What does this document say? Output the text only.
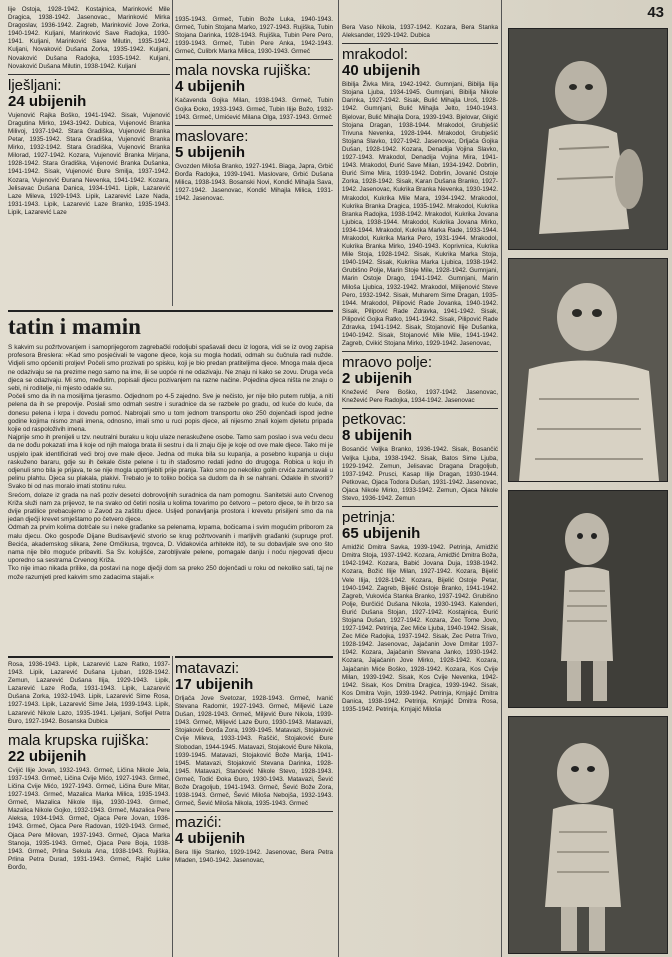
43

lije Ostoja, 1928-1942. Kostajnica, Marinković Mile Dragica, 1938-1942. Jasenovac., Marinković Mirka Dragoslav, 1936-1942. Zagreb, Marinković Jove Zorka, 1940-1942. Kuljani, Marinković Save Radojka, 1930-1941. Kuljani, Marinković Save Milutin, 1935-1942. Kuljani, Novaković Dušana Zorka, 1935-1942. Kuljani, Novaković Dušana Radojka, 1935-1942. Kuljani, Novaković Dušana Milutin, 1938-1942. Kuljani

lješljani:
24 ubijenih

Vujenović Rajka Boško, 1941-1942. Sisak, Vujenović Dragutina Mirko, 1943-1942. Dubica, Vujenović Branka Milivoj, 1937-1942. Stara Gradiška, Vujenović Branka Petar, 1935-1942. Stara Gradiška, Vujenović Branka Mirko, 1932-1942. Stara Gradiška, Vujenović Branka Milorad, 1927-1942. Kozara, Vujenović Branka Mirjana, 1928-1942. Stara Gradiška, Vujenović Branka Dušanka, 1941-1942. Sisak, Vujenović Đure Smilja, 1937-1942. Kozara, Vujenović Đurana Nevenka, 1941-1942. Kozara, Jelisavac Dušana Danica, 1934-1941. Lipik, Lazarević Laze Mileva, 1929-1943. Lipik, Lazarević Laze Nada, 1931-1943. Lipik, Lazarević Laze Branko, 1935-1943. Lipik, Lazarević Laze

1935-1943. Grmeč, Tubin Bože Luka, 1940-1943. Grmeč, Tubin Stojana Marko, 1927-1943. Rujiška, Tubin Stojana Darinka, 1928-1943. Rujiška, Tubin Pere Pero, 1939-1943. Grmeč, Tubin Pere Anka, 1942-1943. Grmeč, Culibrk Marka Milica, 1930-1943. Grmeč

mala novska rujiška:
4 ubijenih

Kačavenda Gojka Milan, 1938-1943. Grmeč, Tubin Gojka Đoko, 1933-1943. Grmeč, Tubin Ilije Božo, 1932-1943. Grmeč, Umićević Milana Olga, 1937-1943. Grmeč

maslovare:
5 ubijenih

Gvozden Miloša Branko, 1927-1941. Biaga, Japra, Grbić Đorđa Radojka, 1939-1941. Maslovare, Grbić Dušana Milica, 1938-1943. Bosanski Novi, Kondić Mihajla Sava, 1927-1942. Jasenovac, Kondić Mihajla Milica, 1931-1942. Jasenovac.

tatin i mamin

S kakvim su požrtvovanjem i samoprijegorom zagrebački rodoljubi spašavali decu iz logora, vidi se iz ovog zapisa profesora Breslera: »Kad smo posjećivali te vagone djece, koja su mogla hodati, odmah su čučnula radi nužde. Vidjeli smo općeniti proljev! Počeli smo prozivati po spisku, koji je bio predan pratiteljima djece. Mnoga mala djeca ne odazivaju se na prezime nego samo na ime, ili se uopće ni ne odazivaju. Ne znaju ni kako se zovu. Druga veća djeca se odazivaju. Mi smo, međutim, popisali djecu pozivanjem na razne načine. Pojedina djeca ništa ne znaju o sebi, ni roditelje, ni mjesto odakle su.

Počeli smo da ih na mosiljima tjerasmo. Odjednom po 4-5 zajedno. Sve je nečisto, jer nije bilo putem rublja, a niti pelena da ih se prepovije. Poslali smo odmah sestre i suradnice da se razbele po gradu, od kuće do kuće, da donesu pelena i krpa i dovedu pomoć. Nabrojali smo u tom jednom transportu oko 250 dojenčadi ispod jedne godine kojima nismo znali imena, odnosno, imali smo u ruci popis djece, ali nijesmo znali kojem djetetu pripada kojie od raspoloživih imena.

Najprije smo ih prenijeli u tzv. neutralni buraku u koju ulaze neraskužene osobe. Tamo sam poslao i sva veću decu da ne dođu pokazati ima li koje od njih maloga brata ili sestru i da li znaju čije je koje od ove male djece. Tako mi je uspjelo ipak identificirati veći broj ove male djece. Jedna od muka bila su kupanja, a posebno kupanja u ciuju raskuženo bararu, gdje su ih čekale čiste pelene i tu ih stađosmo redati jedno do drugoga. Robica u koju ih odjenuli smo bila je prijava, te se nije mogla upotrijebiti prije pranja. Tako smo po nekoliko golih crvića zamotavali u pelinu plahtu. Djeca su plakala, plakivi. Trebalo je to toliko bočica sa dudom da ih se nahrani. Odakle ih stvoriti? Svako bi od nas moralo imati stotinu ruku.

Srećom, dolaze iz grada na naš poziv desetci dobrovoljnih suradnica da nam pomognu. Sanitetski auto Crvenog Križa služi nam za prijevoz, te na svako od četiri nosila u kolima tovarimo po četvoro – petoro djece, te ih brzo sa dvije pratilice prebacujemo u Zavod za zaštitu djece. Usljed ponavljanja prostora i krevetu prisiljeni smo da na jedan dječji krevet smještamo po četvero djece.

Odmah za prvim kolima dotrčale su i neke građanke sa pelenama, krpama, bočicama i svim mogućim priborom za malu djecu. Oko gospođe Dijane Budisavljević stvorio se krug požrtvovanih i marljivih građanki (supruge prof. Becića, akademskog slikara, žene Omčikusa, trgovca, D. Vidakovića arhitekte itd), te su dobavljale sve ono što nama nije bilo moguće pribaviti. Sa Sv. kolujišće, zarobljivale pelene, pomagale danju i noću njegovati djecu uporedno sa sestrama Crvenog Križa.

Tko nije imao nikada prilike, da postavi na noge dječji dom sa preko 250 dojenčadi u roku od nekoliko sati, taj ne može razumjeti pred kakvim smo zadacima stajali.«

Rosa, 1936-1943. Lipik, Lazarević Laze Ratko, 1937-1943. Lipik, Lazarević Dušana Ljuban, 1928-1942. Zemun, Lazarević Dušana Ilija, 1929-1943. Lipik, Lazarević Laze Rođa, 1931-1943. Lipik, Lazarević Dušana Zorka, 1932-1943. Lipik, Lazarević Sime Rosa, 1927-1943. Lipik, Lazarević Sime Jela, 1939-1943. Lipik, Lazarević Nikole Lazo, 1935-1941. Ljeljani, Sofijel Petra Đuro, 1927-1942. Bosanska Dubica

mala krupska rujiška:
22 ubijenih

Cvijić Ilije Jovan, 1932-1943. Grmeč, Ličina Nikole Jela, 1937-1943. Grmeč, Ličina Cvije Mićo, 1927-1943. Grmeč, Ličina Cvije Mićo, 1927-1943. Grmeč, Ličina Đure Mitar, 1927-1943. Grmeč, Mazalica Marka Milica, 1935-1943. Grmeč, Mazalica Nikole Ilija, 1930-1943. Grmeč, Mazalica Nikole Gojko, 1932-1943. Grmeč, Mazalica Pere Aleksa, 1934-1943. Grmeč, Ojaca Pere Jovan, 1936-1943. Grmeč, Ojaca Pere Radovan, 1929-1943. Grmeč, Ojaca Pere Milovan, 1937-1943. Grmeč, Ojaca Marka Stanoja, 1935-1943. Grmeč, Ojaca Pere Boja, 1938-1943. Grmeč, Prlina Sekula Ana, 1938-1943. Rujiška, Prlina Petra Durad, 1931-1943. Grmeč, Rajlić Luke Đorđo,

matavazi:
17 ubijenih

Drljača Jove Svetozar, 1928-1943. Grmeč, Ivanić Stevana Radomir, 1927-1943. Grmeč, Miljević Laze Dušan, 1928-1943. Grmeč, Miljević Đure Nikola, 1939-1943. Grmeč, Miljević Laze Đuro, 1930-1943. Matavazi, Stojaković Đorđa Zora, 1939-1945. Matavazi, Stojaković Cvije Mileva, 1933-1943. Raščić, Stojaković Đure Slobodan, 1944-1945. Matavazi, Stojaković Đure Nikola, 1939-1945. Matavazi, Stojaković Bože Marija, 1941-1945. Matavazi, Stojaković Stevana Darinka, 1928-1945. Matavazi, Stanćević Nikole Stevo, 1928-1943. Grmeč, Todić Đoka Đuro, 1930-1943. Matavazi, Šević Bože Dragoljub, 1941-1943. Grmeč, Šević Bože Zora, 1938-1943. Grmeč, Šević Miloša Nebojša, 1932-1943. Grmeč, Šević Miloša Nikola, 1935-1943. Grmeč

mazići:
4 ubijenih

Bera Ilije Stanko, 1929-1942. Jasenovac, Bera Petra Mladen, 1940-1942. Jasenovac,

Bera Vaso Nikola, 1937-1942. Kozara, Bera Stanka Aleksander, 1929-1942. Dubica

mrakodol:
40 ubijenih

Bibilja Živka Mira, 1942-1942. Gumnjani, Bibilja Ilija Stojana Ljuba, 1934-1945. Gumnjani, Bibilja Nikole Darinka, 1927-1942. Sisak, Bulić Mihajla Uroš, 1928-1942. Gumnjani, Bulić Mihajla Jelto, 1940-1943. Bjelovar, Bulić Mihajla Dora, 1939-1943. Bjelovar, Gligić Stojana Dragan, 1938-1944. Mrakodol, Grubješić Trivuna Nevenka, 1928-1944. Mrakodol, Grubješić Stojana Slavko, 1927-1942. Jasenovac, Drljača Gojka Dušan, 1928-1942. Kozara, Denadija Vojina Slavko, 1927-1943. Mrakodol, Denadija Vojina Mira, 1941-1943. Mrakodol, Đurić Save Milan, 1934-1942. Dobrlin, Đurić Sime Mira, 1939-1942. Dobrlin, Jovanić Ostoje Zorka, 1928-1942. Sisak, Karan Dušana Branko, 1927-1942. Jasenovac, Kukrika Branka Nevenka, 1930-1942. Mrakodol, Kukrika Mile Mara, 1934-1942. Mrakodol, Kukrika Branka Dragica, 1935-1942. Mrakodol, Kukrika Branka Radojka, 1938-1942. Mrakodol, Kukrika Jovana Ljubica, 1938-1944. Mrakodol, Kukrika Jovana Mirko, 1934-1944. Mrakodol, Kukrika Marka Rade, 1933-1944. Mrakodol, Kukrika Marka Pero, 1931-1944. Mrakodol, Kukrika Branka Mirko, 1940-1943. Koprivnica, Kukrika Mile Stoja, 1928-1942. Sisak, Kukrika Marka Stoja, 1940-1942. Sisak, Kukrika Marka Ljubica, 1938-1942. Grubišno Polje, Marin Stoje Mile, 1928-1942. Gumnjani, Marin Ostoje Drago, 1941-1942. Gumnjani, Marin Miloša Ljubica, 1932-1942. Mrakodol, Milijenović Steve Pero, 1932-1942. Sisak, Muharem Sime Dragan, 1935-1944. Mrakodol, Pilipović Rade Jovanka, 1940-1942. Sisak, Pilipović Rade Zdravka, 1941-1942. Sisak, Pilipović Gojka Ratko, 1941-1942. Sisak, Pilipović Rade Zdravka, 1941-1942. Sisak, Stojanović Ilije Dušanka, 1940-1942. Sisak, Stojanović Mile Mile, 1941-1942. Zagreb, Cvikić Stojana Mirko, 1929-1942. Jasenovac,

mraovo polje:
2 ubijenih

Knežević Pere Boško, 1937-1942. Jasenovac, Knežević Pere Radojka, 1934-1942. Jasenovac

petkovac:
8 ubijenih

Bosančić Veljka Branko, 1936-1942. Sisak, Bosančić Veljka Ljuba, 1938-1942. Sisak, Batos Sime Ljuba, 1929-1942. Zemun, Jelisavac Dragana Dragoljub, 1937-1942. Prusci, Kasap Ilije Dragan, 1930-1944. Petkovac, Ojaca Todora Dušan, 1931-1942. Jasenovac, Ojaca Nikole Mirko, 1933-1942. Zemun, Ojaca Nikole Stevo, 1936-1942. Zemun

petrinja:
65 ubijenih

Amidžić Dmitra Savka, 1939-1942. Petrinja, Amidžić Dmitra Stoja, 1937-1942. Kozara, Amidžić Dmitra Boža, 1942-1942. Kozara, Babić Jovana Duja, 1938-1942. Kozara, Božić Ilije Milan, 1927-1942. Kozara, Bijelić Vele Ilija, 1928-1942. Kozara, Bijelić Ostoje Petar, 1940-1942. Zagreb, Bijelić Ostoje Branko, 1941-1942. Zagreb, Vukovića Stanka Branko, 1937-1942. Grubišno Polje, Đurčićić Dušana Nikola, 1930-1943. Kalenderi, Đurić Dušana Stojan, 1927-1942. Kostajnica, Đurić Stojana Dušan, 1927-1942. Kozara, Zec Tome Jovo, 1927-1942. Petrinja, Zec Miće Ljuba, 1940-1942. Sisak, Zec Miće Radojka, 1937-1942. Sisak, Zec Petra Trivo, 1928-1942. Jasenovac, Jajačanin Jove Dmitar 1937-1942. Kozara, Jajačanin Stevana Janko, 1930-1942. Kozara, Jajačanin Jove Mirko, 1928-1942. Kozara, Jajačanin Miće Boško, 1928-1942. Kozara, Kos Cvije Milan, 1939-1942. Sisak, Kos Cvije Nevenka, 1942-1942. Sisak, Kos Dmitra Dragica, 1939-1942. Sisak, Kos Dmitra Vojin, 1939-1942. Petrinja, Krnjajić Dmitra Danica, 1938-1942. Petrinja, Krnjajić Dmitra Rosa, 1935-1942. Petrinja, Krnjajić Miloša
